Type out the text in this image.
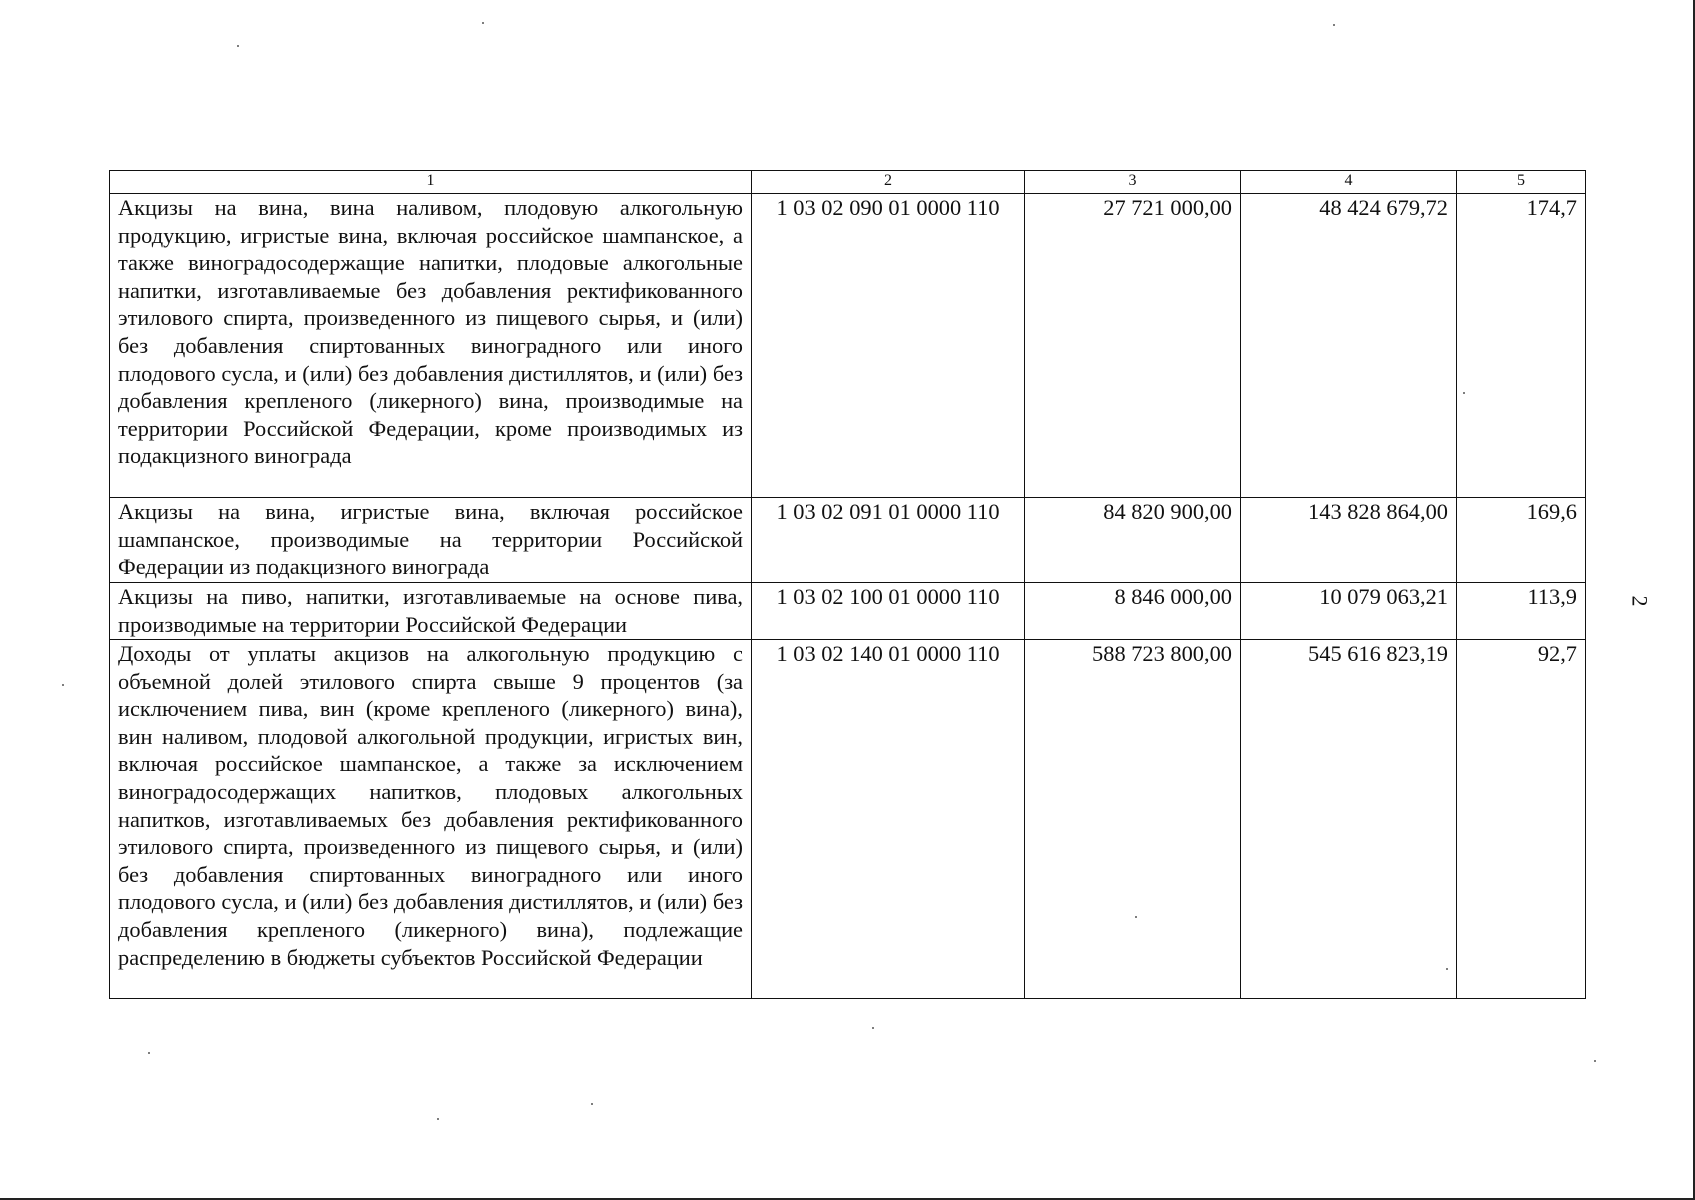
1	2	3	4	5
Акцизы на вина, вина наливом, плодовую алкогольную продукцию, игристые вина, включая российское шампанское, а также виноградосодержащие напитки, плодовые алкогольные напитки, изготавливаемые без добавления ректификованного этилового спирта, произведенного из пищевого сырья, и (или) без добавления спиртованных виноградного или иного плодового сусла, и (или) без добавления дистиллятов, и (или) без добавления крепленого (ликерного) вина, производимые на территории Российской Федерации, кроме производимых из подакцизного винограда	1 03 02 090 01 0000 110	27 721 000,00	48 424 679,72	174,7
Акцизы на вина, игристые вина, включая российское шампанское, производимые на территории Российской Федерации из подакцизного винограда	1 03 02 091 01 0000 110	84 820 900,00	143 828 864,00	169,6
Акцизы на пиво, напитки, изготавливаемые на основе пива, производимые на территории Российской Федерации	1 03 02 100 01 0000 110	8 846 000,00	10 079 063,21	113,9
Доходы от уплаты акцизов на алкогольную продукцию с объемной долей этилового спирта свыше 9 процентов (за исключением пива, вин (кроме крепленого (ликерного) вина), вин наливом, плодовой алкогольной продукции, игристых вин, включая российское шампанское, а также за исключением виноградосодержащих напитков, плодовых алкогольных напитков, изготавливаемых без добавления ректификованного этилового спирта, произведенного из пищевого сырья, и (или) без добавления спиртованных виноградного или иного плодового сусла, и (или) без добавления дистиллятов, и (или) без добавления крепленого (ликерного) вина), подлежащие распределению в бюджеты субъектов Российской Федерации	1 03 02 140 01 0000 110	588 723 800,00	545 616 823,19	92,7
2
